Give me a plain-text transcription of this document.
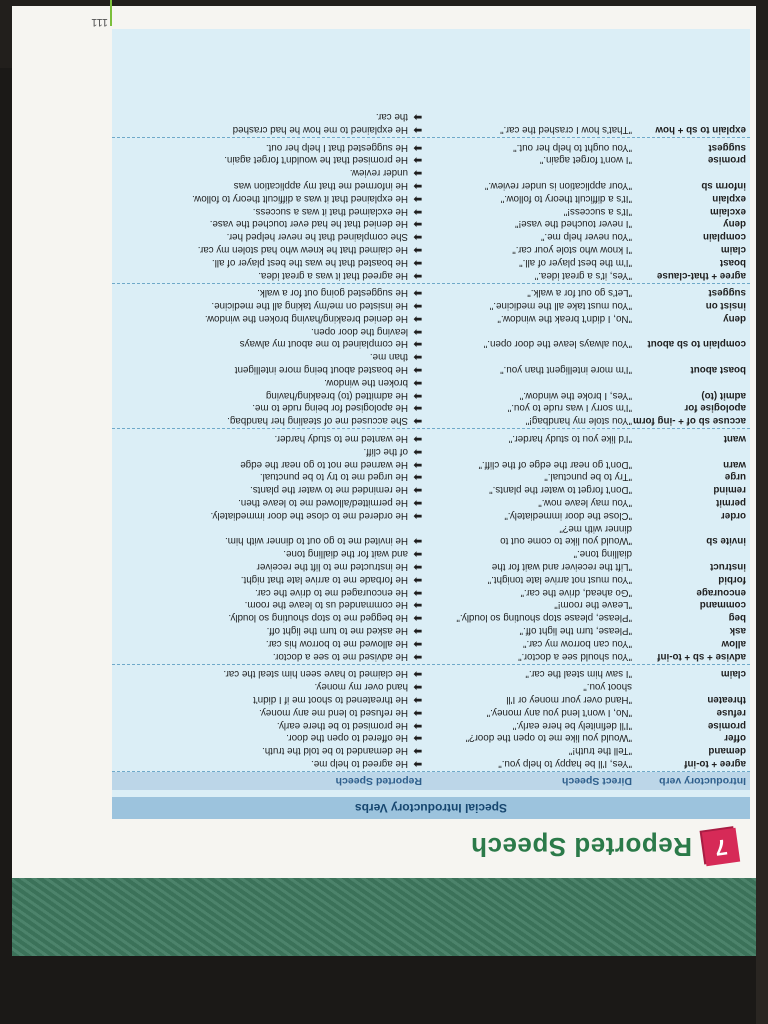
7
Reported Speech
Special Introductory Verbs
Introductory verb
Direct Speech
Reported Speech
agree + to-inf
"Yes, I'll be happy to help you."
➡
He agreed to help me.
demand
"Tell the truth!"
➡
He demanded to be told the truth.
offer
"Would you like me to open the door?"
➡
He offered to open the door.
promise
"I'll definitely be here early."
➡
He promised to be there early.
refuse
"No, I won't lend you any money."
➡
He refused to lend me any money.
threaten
"Hand over your money or I'll
➡
He threatened to shoot me if I didn't
shoot you."
➡
hand over my money.
claim
"I saw him steal the car."
➡
He claimed to have seen him steal the car.
advise + sb + to-inf
"You should see a doctor."
➡
He advised me to see a doctor.
allow
"You can borrow my car."
➡
He allowed me to borrow his car.
ask
"Please, turn the light off."
➡
He asked me to turn the light off.
beg
"Please, please stop shouting so loudly."
➡
He begged me to stop shouting so loudly.
command
"Leave the room!"
➡
He commanded us to leave the room.
encourage
"Go ahead, drive the car."
➡
He encouraged me to drive the car.
forbid
"You must not arrive late tonight."
➡
He forbade me to arrive late that night.
instruct
"Lift the receiver and wait for the
➡
He instructed me to lift the receiver
dialling tone."
➡
and wait for the dialling tone.
invite sb
"Would you like to come out to
➡
He invited me to go out to dinner with him.
dinner with me?"
order
"Close the door immediately."
➡
He ordered me to close the door immediately.
permit
"You may leave now."
➡
He permitted/allowed me to leave then.
remind
"Don't forget to water the plants."
➡
He reminded me to water the plants.
urge
"Try to be punctual."
➡
He urged me to try to be punctual.
warn
"Don't go near the edge of the cliff."
➡
He warned me not to go near the edge
➡
of the cliff.
want
"I'd like you to study harder."
➡
He wanted me to study harder.
accuse sb of + -ing form
"You stole my handbag!"
➡
She accused me of stealing her handbag.
apologise for
"I'm sorry I was rude to you."
➡
He apologised for being rude to me.
admit (to)
"Yes, I broke the window."
➡
He admitted (to) breaking/having
➡
broken the window.
boast about
"I'm more intelligent than you."
➡
He boasted about being more intelligent
➡
than me.
complain to sb about
"You always leave the door open."
➡
He complained to me about my always
➡
leaving the door open.
deny
"No, I didn't break the window."
➡
He denied breaking/having broken the window.
insist on
"You must take all the medicine."
➡
He insisted on me/my taking all the medicine.
suggest
"Let's go out for a walk."
➡
He suggested going out for a walk.
agree + that-clause
"Yes, it's a great idea."
➡
He agreed that it was a great idea.
boast
"I'm the best player of all."
➡
He boasted that he was the best player of all.
claim
"I know who stole your car."
➡
He claimed that he knew who had stolen my car.
complain
"You never help me."
➡
She complained that he never helped her.
deny
"I never touched the vase!"
➡
He denied that he had ever touched the vase.
exclaim
"It's a success!"
➡
He exclaimed that it was a success.
explain
"It's a difficult theory to follow."
➡
He explained that it was a difficult theory to follow.
inform sb
"Your application is under review."
➡
He informed me that my application was
➡
under review.
promise
"I won't forget again."
➡
He promised that he wouldn't forget again.
suggest
"You ought to help her out."
➡
He suggested that I help her out.
explain to sb + how
"That's how I crashed the car."
➡
He explained to me how he had crashed
➡
the car.
111
